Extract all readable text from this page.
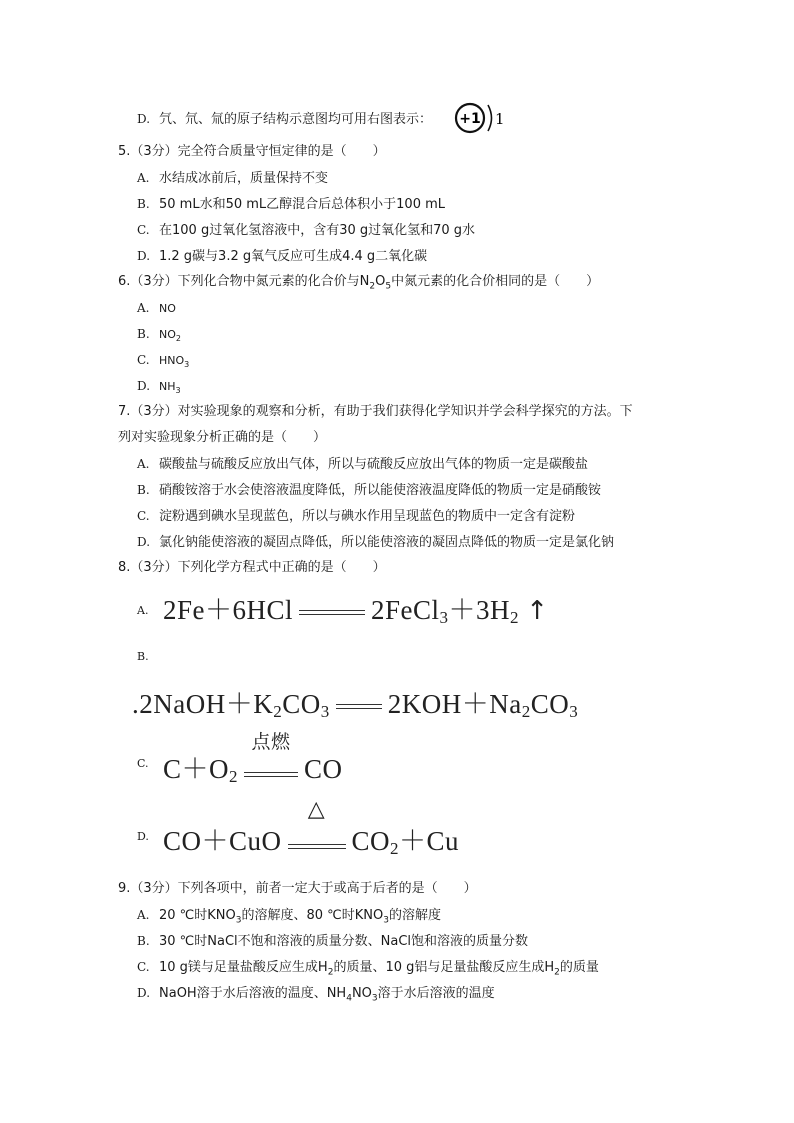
D. 氕、氘、氚的原子结构示意图均可用右图表示： +1 1
5.（3分）完全符合质量守恒定律的是（　　）
A. 水结成冰前后，质量保持不变
B. 50 mL水和50 mL乙醇混合后总体积小于100 mL
C. 在100 g过氧化氢溶液中，含有30 g过氧化氢和70 g水
D. 1.2 g碳与3.2 g氧气反应可生成4.4 g二氧化碳
6.（3分）下列化合物中氮元素的化合价与$N_2O_5$中氮元素的化合价相同的是（　　）
A. NO
B. $NO_2$
C. $HNO_3$
D. $NH_3$
7.（3分）对实验现象的观察和分析，有助于我们获得化学知识并学会科学探究的方法。下
列对实验现象分析正确的是（　　）
A. 碳酸盐与硫酸反应放出气体，所以与硫酸反应放出气体的物质一定是碳酸盐
B. 硝酸铵溶于水会使溶液温度降低，所以能使溶液温度降低的物质一定是硝酸铵
C. 淀粉遇到碘水呈现蓝色，所以与碘水作用呈现蓝色的物质中一定含有淀粉
D. 氯化钠能使溶液的凝固点降低，所以能使溶液的凝固点降低的物质一定是氯化钠
8.（3分）下列化学方程式中正确的是（　　）
A. 2Fe＋6HCl	$2FeCl_3+3H_2$ ↑
B.
$.2NaOH+K_2CO_3$ $2KOH+Na_2CO_3$
C. $C+O_2$
点燃
CO
D. CO＋CuO
△
$CO_2+Cu$
9.（3分）下列各项中，前者一定大于或高于后者的是（　　）
A. 20 ℃时$KNO_3$的溶解度、80 ℃时$KNO_3$的溶解度
B. 30 ℃时NaCl不饱和溶液的质量分数、NaCl饱和溶液的质量分数
C. 10 g镁与足量盐酸反应生成$H_2$的质量、10 g铝与足量盐酸反应生成$H_2$的质量
D. NaOH溶于水后溶液的温度、$NH_4NO_3$溶于水后溶液的温度
